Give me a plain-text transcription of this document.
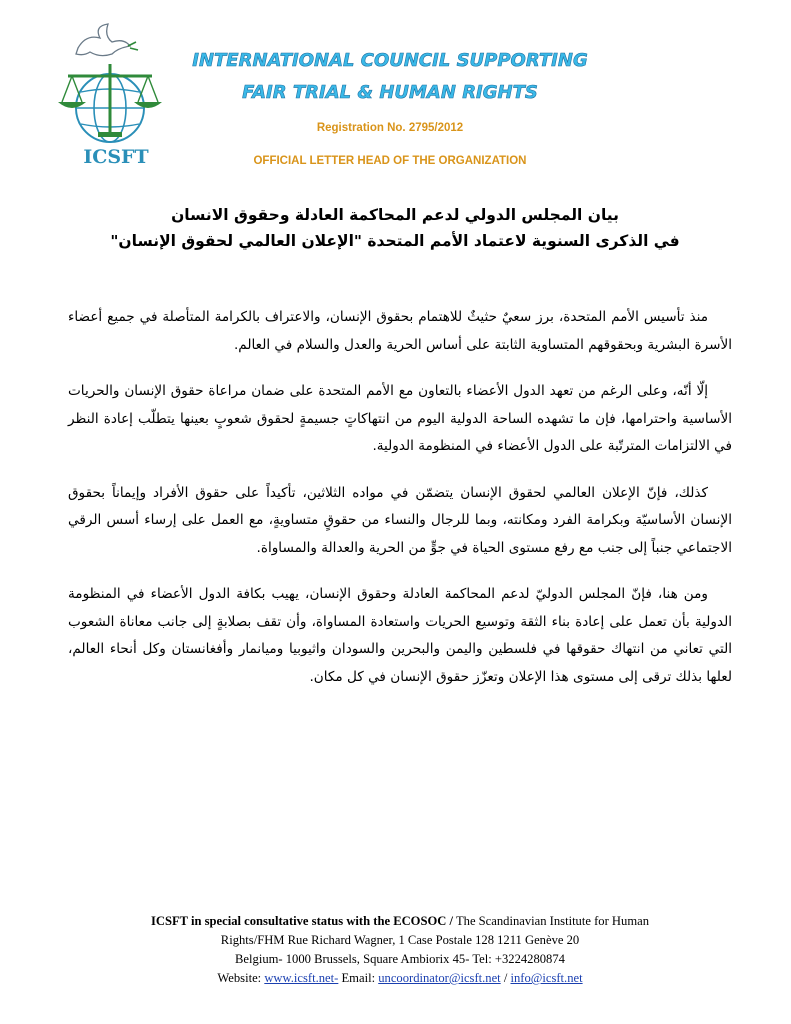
ICSFT
INTERNATIONAL COUNCIL SUPPORTING
FAIR TRIAL & HUMAN RIGHTS
Registration No. 2795/2012
OFFICIAL LETTER HEAD OF THE ORGANIZATION
بيان المجلس الدولي لدعم المحاكمة العادلة وحقوق الانسان
في الذكرى السنوية لاعتماد الأمم المتحدة "الإعلان العالمي لحقوق الإنسان"

منذ تأسيس الأمم المتحدة، برز سعيٌ حثيثٌ للاهتمام بحقوق الإنسان، والاعتراف بالكرامة المتأصلة في جميع أعضاء الأسرة البشرية وبحقوقهم المتساوية الثابتة على أساس الحرية والعدل والسلام في العالم.

إلّا أنّه، وعلى الرغم من تعهد الدول الأعضاء بالتعاون مع الأمم المتحدة على ضمان مراعاة حقوق الإنسان والحريات الأساسية واحترامها، فإن ما تشهده الساحة الدولية اليوم من انتهاكاتٍ جسيمةٍ لحقوق شعوبٍ بعينها يتطلّب إعادة النظر في الالتزامات المترتّبة على الدول الأعضاء في المنظومة الدولية.

كذلك، فإنّ الإعلان العالمي لحقوق الإنسان يتضمّن في مواده الثلاثين، تأكيداً على حقوق الأفراد وإيماناً بحقوق الإنسان الأساسيّة وبكرامة الفرد ومكانته، وبما للرجال والنساء من حقوقٍ متساويةٍ، مع العمل على إرساء أسس الرقي الاجتماعي جنباً إلى جنب مع رفع مستوى الحياة في جوٍّ من الحرية والعدالة والمساواة.

ومن هنا، فإنّ المجلس الدوليّ لدعم المحاكمة العادلة وحقوق الإنسان، يهيب بكافة الدول الأعضاء في المنظومة الدولية بأن تعمل على إعادة بناء الثقة وتوسيع الحريات واستعادة المساواة، وأن تقف بصلابةٍ إلى جانب معاناة الشعوب التي تعاني من انتهاك حقوقها في فلسطين واليمن والبحرين والسودان واثيوبيا وميانمار وأفغانستان وكل أنحاء العالم، لعلها بذلك ترقى إلى مستوى هذا الإعلان وتعزّز حقوق الإنسان في كل مكان.

ICSFT in special consultative status with the ECOSOC / The Scandinavian Institute for Human
Rights/FHM Rue Richard Wagner, 1 Case Postale 128 1211 Genève 20
Belgium- 1000 Brussels, Square Ambiorix 45- Tel: +3224280874
Website: www.icsft.net- Email: uncoordinator@icsft.net / info@icsft.net
